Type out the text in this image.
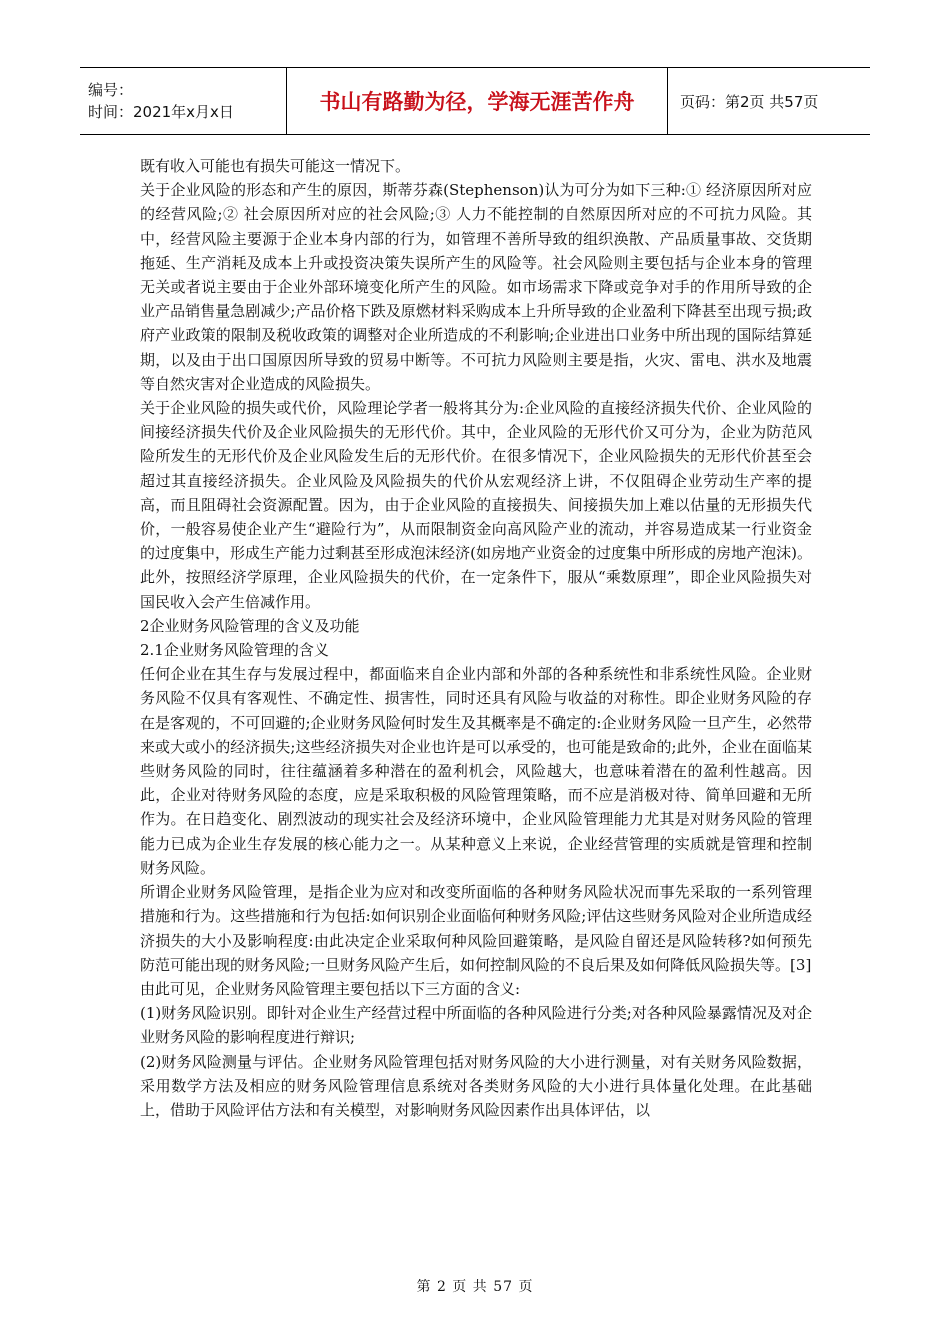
编号：
时间：2021年x月x日	书山有路勤为径，学海无涯苦作舟	页码：第2页 共57页

既有收入可能也有损失可能这一情况下。

关于企业风险的形态和产生的原因，斯蒂芬森(Stephenson)认为可分为如下三种:① 经济原因所对应的经营风险;② 社会原因所对应的社会风险;③ 人力不能控制的自然原因所对应的不可抗力风险。其中，经营风险主要源于企业本身内部的行为，如管理不善所导致的组织涣散、产品质量事故、交货期拖延、生产消耗及成本上升或投资决策失误所产生的风险等。社会风险则主要包括与企业本身的管理无关或者说主要由于企业外部环境变化所产生的风险。如市场需求下降或竞争对手的作用所导致的企业产品销售量急剧减少;产品价格下跌及原燃材料采购成本上升所导致的企业盈利下降甚至出现亏损;政府产业政策的限制及税收政策的调整对企业所造成的不利影响;企业进出口业务中所出现的国际结算延期，以及由于出口国原因所导致的贸易中断等。不可抗力风险则主要是指，火灾、雷电、洪水及地震等自然灾害对企业造成的风险损失。

关于企业风险的损失或代价，风险理论学者一般将其分为:企业风险的直接经济损失代价、企业风险的间接经济损失代价及企业风险损失的无形代价。其中，企业风险的无形代价又可分为，企业为防范风险所发生的无形代价及企业风险发生后的无形代价。在很多情况下，企业风险损失的无形代价甚至会超过其直接经济损失。企业风险及风险损失的代价从宏观经济上讲，不仅阻碍企业劳动生产率的提高，而且阻碍社会资源配置。因为，由于企业风险的直接损失、间接损失加上难以估量的无形损失代价，一般容易使企业产生“避险行为”，从而限制资金向高风险产业的流动，并容易造成某一行业资金的过度集中，形成生产能力过剩甚至形成泡沫经济(如房地产业资金的过度集中所形成的房地产泡沫)。此外，按照经济学原理，企业风险损失的代价，在一定条件下，服从“乘数原理”，即企业风险损失对国民收入会产生倍减作用。

2企业财务风险管理的含义及功能

2.1企业财务风险管理的含义

任何企业在其生存与发展过程中，都面临来自企业内部和外部的各种系统性和非系统性风险。企业财务风险不仅具有客观性、不确定性、损害性，同时还具有风险与收益的对称性。即企业财务风险的存在是客观的，不可回避的;企业财务风险何时发生及其概率是不确定的:企业财务风险一旦产生，必然带来或大或小的经济损失;这些经济损失对企业也许是可以承受的，也可能是致命的;此外，企业在面临某些财务风险的同时，往往蕴涵着多种潜在的盈利机会，风险越大，也意味着潜在的盈利性越高。因此，企业对待财务风险的态度，应是采取积极的风险管理策略，而不应是消极对待、简单回避和无所作为。在日趋变化、剧烈波动的现实社会及经济环境中，企业风险管理能力尤其是对财务风险的管理能力已成为企业生存发展的核心能力之一。从某种意义上来说，企业经营管理的实质就是管理和控制财务风险。

所谓企业财务风险管理，是指企业为应对和改变所面临的各种财务风险状况而事先采取的一系列管理措施和行为。这些措施和行为包括:如何识别企业面临何种财务风险;评估这些财务风险对企业所造成经济损失的大小及影响程度:由此决定企业采取何种风险回避策略，是风险自留还是风险转移?如何预先防范可能出现的财务风险;一旦财务风险产生后，如何控制风险的不良后果及如何降低风险损失等。[3]

由此可见，企业财务风险管理主要包括以下三方面的含义:

(1)财务风险识别。即针对企业生产经营过程中所面临的各种风险进行分类;对各种风险暴露情况及对企业财务风险的影响程度进行辩识;

(2)财务风险测量与评估。企业财务风险管理包括对财务风险的大小进行测量，对有关财务风险数据，采用数学方法及相应的财务风险管理信息系统对各类财务风险的大小进行具体量化处理。在此基础上，借助于风险评估方法和有关模型，对影响财务风险因素作出具体评估，以

第 2 页 共 57 页
